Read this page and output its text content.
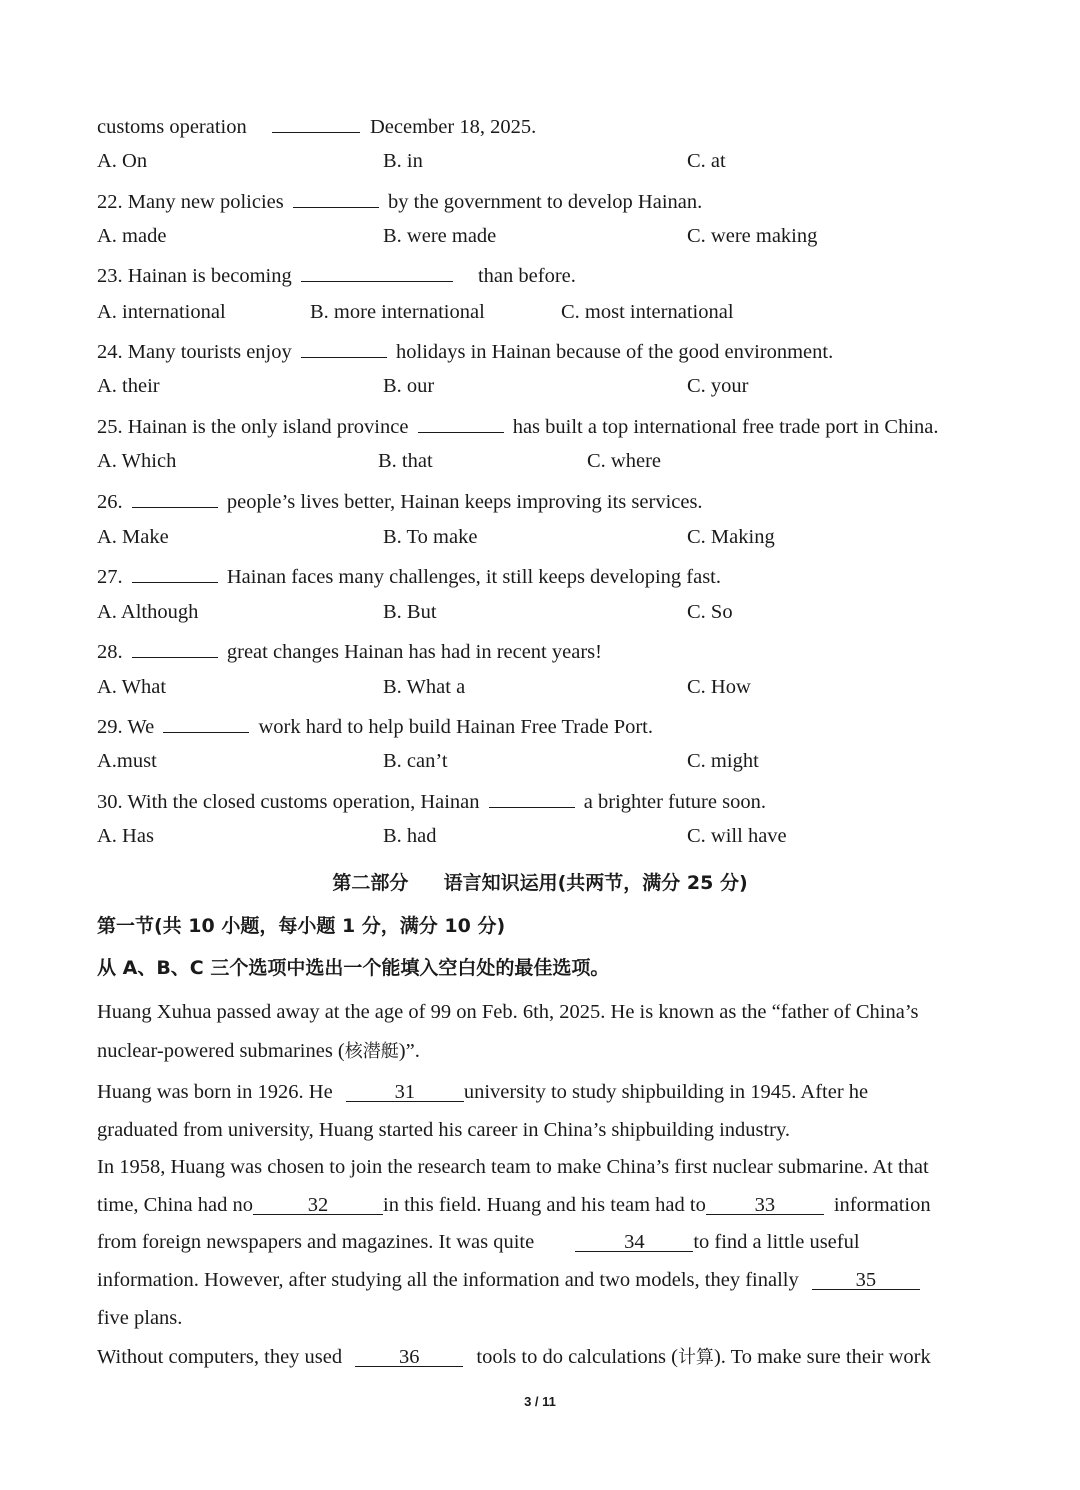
customs operation	December 18, 2025.
A. On	B. in	C. at
22. Many new policies	by the government to develop Hainan.
A. made	B. were made	C. were making
23. Hainan is becoming	than before.
A. international	B. more international	C. most international
24. Many tourists enjoy	holidays in Hainan because of the good environment.
A. their	B. our	C. your
25. Hainan is the only island province	has built a top international free trade port in China.
A. Which	B. that	C. where
26.	people’s lives better, Hainan keeps improving its services.
A. Make	B. To make	C. Making
27.	Hainan faces many challenges, it still keeps developing fast.
A. Although	B. But	C. So
28.	great changes Hainan has had in recent years!
A. What	B. What a	C. How
29. We	work hard to help build Hainan Free Trade Port.
A.must	B. can’t	C. might
30. With the closed customs operation, Hainan	a brighter future soon.
A. Has	B. had	C. will have
第二部分 语言知识运用(共两节，满分 25 分)
第一节(共 10 小题，每小题 1 分，满分 10 分)
从 A、B、C 三个选项中选出一个能填入空白处的最佳选项。
Huang Xuhua passed away at the age of 99 on Feb. 6th, 2025. He is known as the “father of China’s
nuclear-powered submarines (核潜艇)”.
Huang was born in 1926. He	31 university to study shipbuilding in 1945. After he
graduated from university, Huang started his career in China’s shipbuilding industry.
In 1958, Huang was chosen to join the research team to make China’s first nuclear submarine. At that
time, China had no	32	in this field. Huang and his team had to 33	information
from foreign newspapers and magazines. It was quite	34 to find a little useful
information. However, after studying all the information and two models, they finally	35
five plans.
Without computers, they used	36	tools to do calculations (计算). To make sure their work
3 / 11
